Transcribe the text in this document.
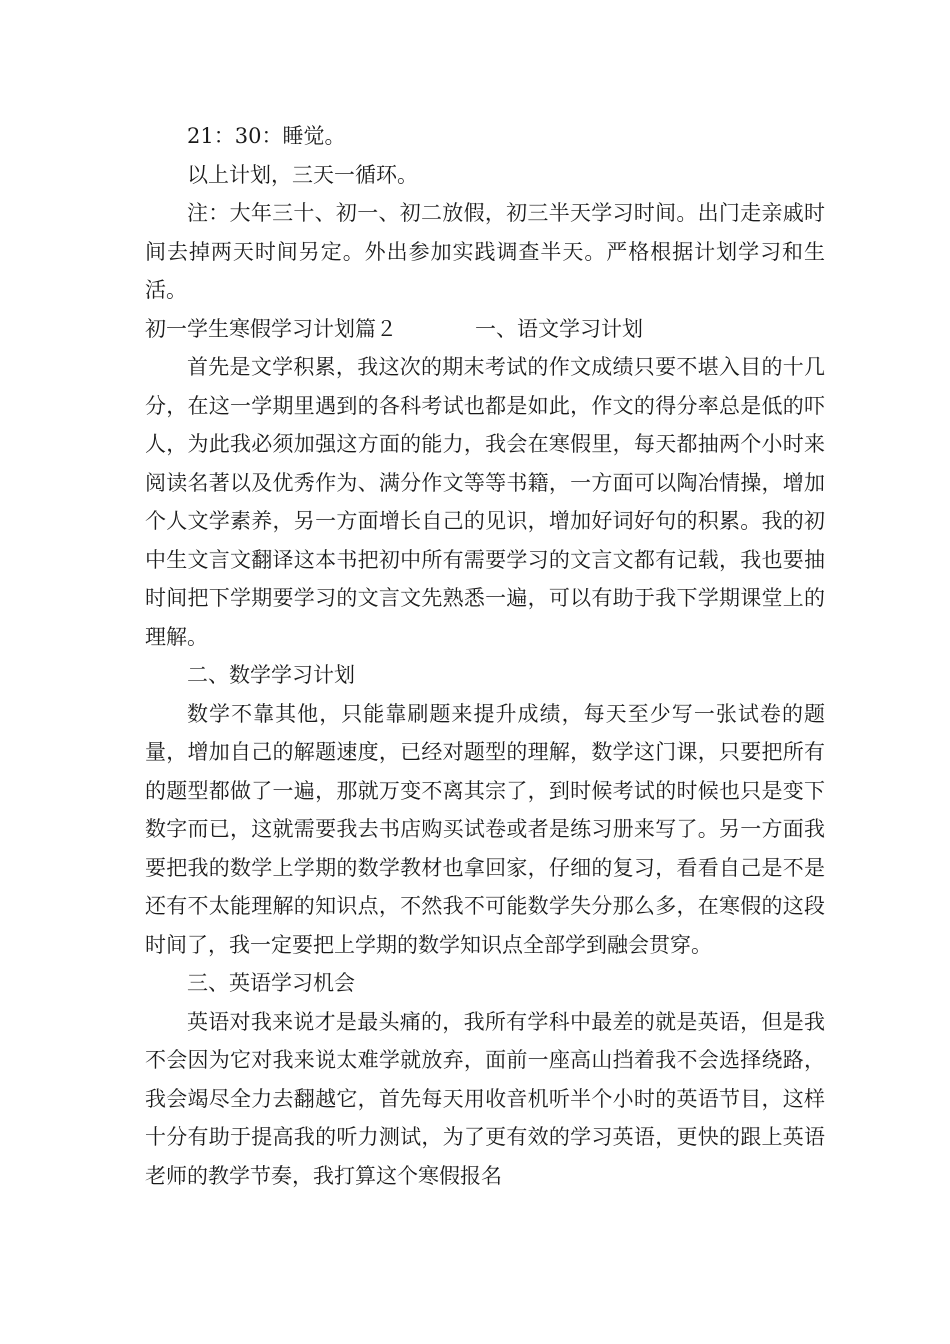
21：30：睡觉。

以上计划，三天一循环。

注：大年三十、初一、初二放假，初三半天学习时间。出门走亲戚时间去掉两天时间另定。外出参加实践调查半天。严格根据计划学习和生活。

初一学生寒假学习计划篇２	一、语文学习计划

首先是文学积累，我这次的期末考试的作文成绩只要不堪入目的十几分，在这一学期里遇到的各科考试也都是如此，作文的得分率总是低的吓人，为此我必须加强这方面的能力，我会在寒假里，每天都抽两个小时来阅读名著以及优秀作为、满分作文等等书籍，一方面可以陶冶情操，增加个人文学素养，另一方面增长自己的见识，增加好词好句的积累。我的初中生文言文翻译这本书把初中所有需要学习的文言文都有记载，我也要抽时间把下学期要学习的文言文先熟悉一遍，可以有助于我下学期课堂上的理解。

二、数学学习计划

数学不靠其他，只能靠刷题来提升成绩，每天至少写一张试卷的题量，增加自己的解题速度，已经对题型的理解，数学这门课，只要把所有的题型都做了一遍，那就万变不离其宗了，到时候考试的时候也只是变下数字而已，这就需要我去书店购买试卷或者是练习册来写了。另一方面我要把我的数学上学期的数学教材也拿回家，仔细的复习，看看自己是不是还有不太能理解的知识点，不然我不可能数学失分那么多，在寒假的这段时间了，我一定要把上学期的数学知识点全部学到融会贯穿。

三、英语学习机会

英语对我来说才是最头痛的，我所有学科中最差的就是英语，但是我不会因为它对我来说太难学就放弃，面前一座高山挡着我不会选择绕路，我会竭尽全力去翻越它，首先每天用收音机听半个小时的英语节目，这样十分有助于提高我的听力测试，为了更有效的学习英语，更快的跟上英语老师的教学节奏，我打算这个寒假报名
